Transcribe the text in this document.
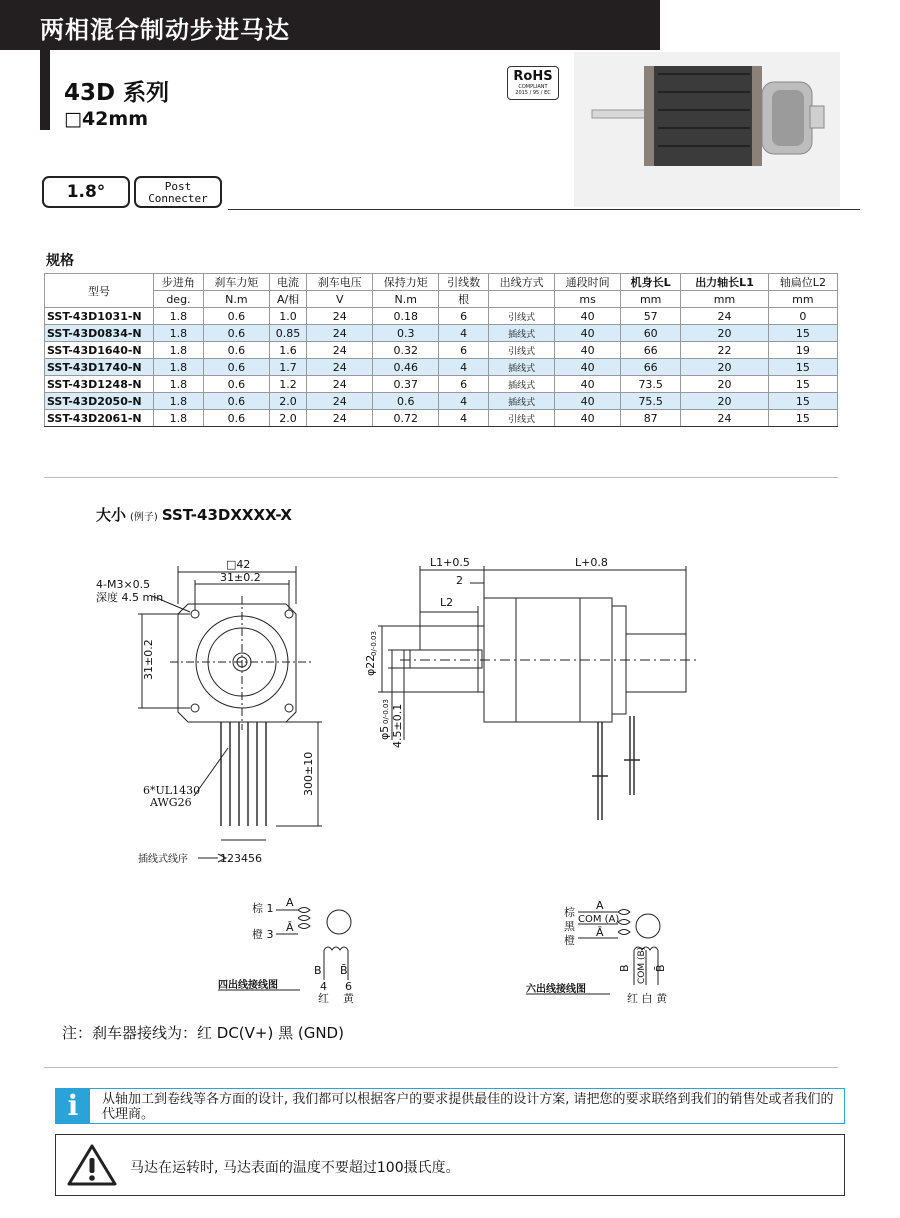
两相混合制动步进马达
43D 系列
□42mm
RoHS
COMPLIANT
2015 / 95 / EC
1.8°	Post
Connecter
规格
型号	步进角	刹车力矩	电流	刹车电压	保持力矩	引线数	出线方式	通段时间	机身长L	出力轴长L1	轴扁位L2
	deg.	N.m	A/相	V	N.m	根		ms	mm	mm	mm
SST-43D1031-N	1.8	0.6	1.0	24	0.18	6	引线式	40	57	24	0
SST-43D0834-N	1.8	0.6	0.85	24	0.3	4	插线式	40	60	20	15
SST-43D1640-N	1.8	0.6	1.6	24	0.32	6	引线式	40	66	22	19
SST-43D1740-N	1.8	0.6	1.7	24	0.46	4	插线式	40	66	20	15
SST-43D1248-N	1.8	0.6	1.2	24	0.37	6	插线式	40	73.5	20	15
SST-43D2050-N	1.8	0.6	2.0	24	0.6	4	插线式	40	75.5	20	15
SST-43D2061-N	1.8	0.6	2.0	24	0.72	4	引线式	40	87	24	15
大小 (例子) SST-43DXXXX-X
□42
31±0.2
4-M3×0.5
深度 4.5 min
31±0.2
6*UL1430
AWG26
300±10
插线式线序	123456
L1+0.5	L+0.8
2
L2
φ22
0/-0.03
φ5
0/-0.03 4.5±0.1
A
棕 1
Ā
橙 3
B B̄
4 6
红 黄
四出线接线图
A
COM (A)
Ā
棕
黑
橙
B COM (B) B̄
红 白 黄
六出线接线图
注：刹车器接线为：红 DC(V+) 黑 (GND)
i	从轴加工到卷线等各方面的设计, 我们都可以根据客户的要求提供最佳的设计方案, 请把您的要求联络到我们的销售处或者我们的代理商。
马达在运转时, 马达表面的温度不要超过100摄氏度。
